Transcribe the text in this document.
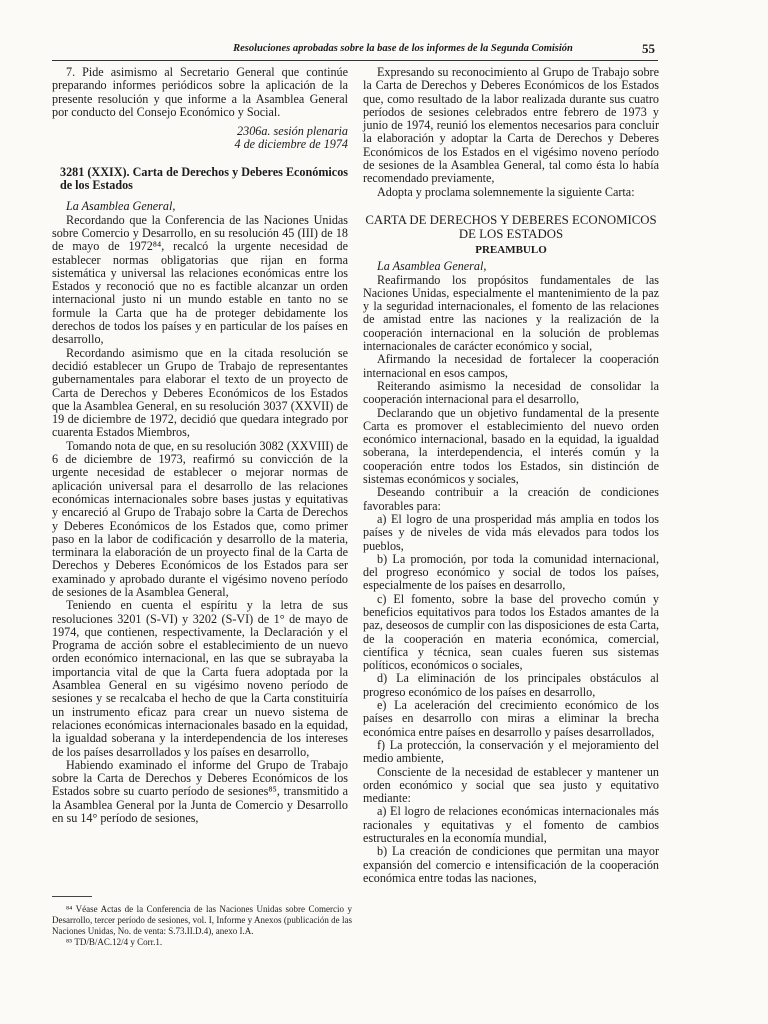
Resoluciones aprobadas sobre la base de los informes de la Segunda Comisión	55

7. Pide asimismo al Secretario General que continúe preparando informes periódicos sobre la aplicación de la presente resolución y que informe a la Asamblea General por conducto del Consejo Económico y Social.

2306a. sesión plenaria

4 de diciembre de 1974

3281 (XXIX). Carta de Derechos y Deberes Económicos de los Estados

La Asamblea General,

Recordando que la Conferencia de las Naciones Unidas sobre Comercio y Desarrollo, en su resolución 45 (III) de 18 de mayo de 1972⁸⁴, recalcó la urgente necesidad de establecer normas obligatorias que rijan en forma sistemática y universal las relaciones económicas entre los Estados y reconoció que no es factible alcanzar un orden internacional justo ni un mundo estable en tanto no se formule la Carta que ha de proteger debidamente los derechos de todos los países y en particular de los países en desarrollo,

Recordando asimismo que en la citada resolución se decidió establecer un Grupo de Trabajo de representantes gubernamentales para elaborar el texto de un proyecto de Carta de Derechos y Deberes Económicos de los Estados que la Asamblea General, en su resolución 3037 (XXVII) de 19 de diciembre de 1972, decidió que quedara integrado por cuarenta Estados Miembros,

Tomando nota de que, en su resolución 3082 (XXVIII) de 6 de diciembre de 1973, reafirmó su convicción de la urgente necesidad de establecer o mejorar normas de aplicación universal para el desarrollo de las relaciones económicas internacionales sobre bases justas y equitativas y encareció al Grupo de Trabajo sobre la Carta de Derechos y Deberes Económicos de los Estados que, como primer paso en la labor de codificación y desarrollo de la materia, terminara la elaboración de un proyecto final de la Carta de Derechos y Deberes Económicos de los Estados para ser examinado y aprobado durante el vigésimo noveno período de sesiones de la Asamblea General,

Teniendo en cuenta el espíritu y la letra de sus resoluciones 3201 (S-VI) y 3202 (S-VI) de 1° de mayo de 1974, que contienen, respectivamente, la Declaración y el Programa de acción sobre el establecimiento de un nuevo orden económico internacional, en las que se subrayaba la importancia vital de que la Carta fuera adoptada por la Asamblea General en su vigésimo noveno período de sesiones y se recalcaba el hecho de que la Carta constituiría un instrumento eficaz para crear un nuevo sistema de relaciones económicas internacionales basado en la equidad, la igualdad soberana y la interdependencia de los intereses de los países desarrollados y los países en desarrollo,

Habiendo examinado el informe del Grupo de Trabajo sobre la Carta de Derechos y Deberes Económicos de los Estados sobre su cuarto período de sesiones⁸⁵, transmitido a la Asamblea General por la Junta de Comercio y Desarrollo en su 14° período de sesiones,

Expresando su reconocimiento al Grupo de Trabajo sobre la Carta de Derechos y Deberes Económicos de los Estados que, como resultado de la labor realizada durante sus cuatro períodos de sesiones celebrados entre febrero de 1973 y junio de 1974, reunió los elementos necesarios para concluir la elaboración y adoptar la Carta de Derechos y Deberes Económicos de los Estados en el vigésimo noveno período de sesiones de la Asamblea General, tal como ésta lo había recomendado previamente,

Adopta y proclama solemnemente la siguiente Carta:

CARTA DE DERECHOS Y DEBERES ECONOMICOS DE LOS ESTADOS

PREAMBULO

La Asamblea General,

Reafirmando los propósitos fundamentales de las Naciones Unidas, especialmente el mantenimiento de la paz y la seguridad internacionales, el fomento de las relaciones de amistad entre las naciones y la realización de la cooperación internacional en la solución de problemas internacionales de carácter económico y social,

Afirmando la necesidad de fortalecer la cooperación internacional en esos campos,

Reiterando asimismo la necesidad de consolidar la cooperación internacional para el desarrollo,

Declarando que un objetivo fundamental de la presente Carta es promover el establecimiento del nuevo orden económico internacional, basado en la equidad, la igualdad soberana, la interdependencia, el interés común y la cooperación entre todos los Estados, sin distinción de sistemas económicos y sociales,

Deseando contribuir a la creación de condiciones favorables para:

a) El logro de una prosperidad más amplia en todos los países y de niveles de vida más elevados para todos los pueblos,

b) La promoción, por toda la comunidad internacional, del progreso económico y social de todos los países, especialmente de los países en desarrollo,

c) El fomento, sobre la base del provecho común y beneficios equitativos para todos los Estados amantes de la paz, deseosos de cumplir con las disposiciones de esta Carta, de la cooperación en materia económica, comercial, científica y técnica, sean cuales fueren sus sistemas políticos, económicos o sociales,

d) La eliminación de los principales obstáculos al progreso económico de los países en desarrollo,

e) La aceleración del crecimiento económico de los países en desarrollo con miras a eliminar la brecha económica entre países en desarrollo y países desarrollados,

f) La protección, la conservación y el mejoramiento del medio ambiente,

Consciente de la necesidad de establecer y mantener un orden económico y social que sea justo y equitativo mediante:

a) El logro de relaciones económicas internacionales más racionales y equitativas y el fomento de cambios estructurales en la economía mundial,

b) La creación de condiciones que permitan una mayor expansión del comercio e intensificación de la cooperación económica entre todas las naciones,

⁸⁴ Véase Actas de la Conferencia de las Naciones Unidas sobre Comercio y Desarrollo, tercer período de sesiones, vol. I, Informe y Anexos (publicación de las Naciones Unidas, No. de venta: S.73.II.D.4), anexo I.A.

⁸⁵ TD/B/AC.12/4 y Corr.1.
